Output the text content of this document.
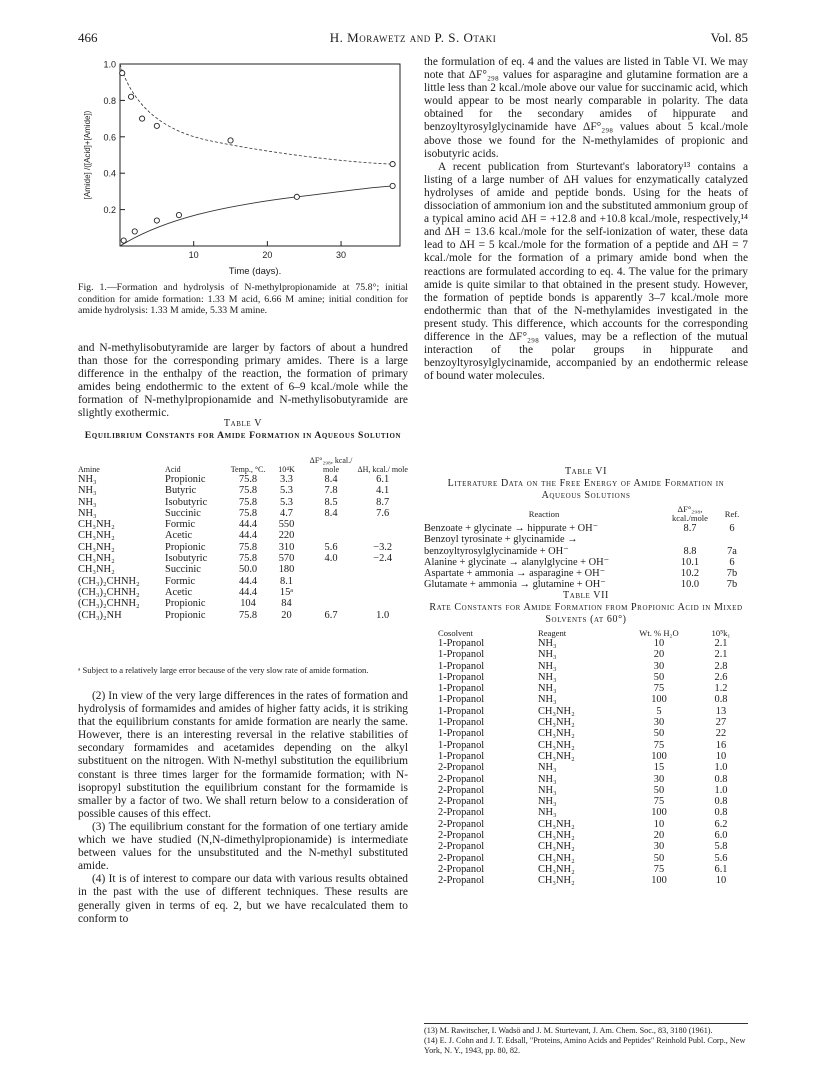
466	H. Morawetz and P. S. Otaki	Vol. 85
0.2
0.4
0.6
0.8
1.0
10	20	30
[Amide] /([Acid]+[Amide])
Time (days).
Fig. 1.—Formation and hydrolysis of N-methylpropionamide at 75.8°; initial condition for amide formation: 1.33 M acid, 6.66 M amine; initial condition for amide hydrolysis: 1.33 M amide, 5.33 M amine.

and N-methylisobutyramide are larger by factors of about a hundred than those for the corresponding primary amides. There is a large difference in the enthalpy of the reaction, the formation of primary amides being endothermic to the extent of 6–9 kcal./mole while the formation of N-methylpropionamide and N-methylisobutyramide are slightly exothermic.

Table V
Equilibrium Constants for Amide Formation in Aqueous Solution
Amine	Acid	Temp., °C.	10⁴K	ΔF°₂₉₈, kcal./ mole	ΔH, kcal./ mole
NH₃	Propionic	75.8	3.3	8.4	6.1
NH₃	Butyric	75.8	5.3	7.8	4.1
NH₃	Isobutyric	75.8	5.3	8.5	8.7
NH₃	Succinic	75.8	4.7	8.4	7.6
CH₃NH₂	Formic	44.4	550		
CH₃NH₂	Acetic	44.4	220		
CH₃NH₂	Propionic	75.8	310	5.6	−3.2
CH₃NH₂	Isobutyric	75.8	570	4.0	−2.4
CH₃NH₂	Succinic	50.0	180		
(CH₃)₂CHNH₂	Formic	44.4	8.1		
(CH₃)₂CHNH₂	Acetic	44.4	15ᵃ		
(CH₃)₂CHNH₂	Propionic	104	84		
(CH₃)₂NH	Propionic	75.8	20	6.7	1.0
ᵃ Subject to a relatively large error because of the very slow rate of amide formation.

(2) In view of the very large differences in the rates of formation and hydrolysis of formamides and amides of higher fatty acids, it is striking that the equilibrium constants for amide formation are nearly the same. However, there is an interesting reversal in the relative stabilities of secondary formamides and acetamides depending on the alkyl substituent on the nitrogen. With N-methyl substitution the equilibrium constant is three times larger for the formamide formation; with N-isopropyl substitution the equilibrium constant for the formamide is smaller by a factor of two. We shall return below to a consideration of possible causes of this effect.

(3) The equilibrium constant for the formation of one tertiary amide which we have studied (N,N-dimethylpropionamide) is intermediate between values for the unsubstituted and the N-methyl substituted amide.

(4) It is of interest to compare our data with various results obtained in the past with the use of different techniques. These results are generally given in terms of eq. 2, but we have recalculated them to conform to

the formulation of eq. 4 and the values are listed in Table VI. We may note that ΔF°₂₉₈ values for asparagine and glutamine formation are a little less than 2 kcal./mole above our value for succinamic acid, which would appear to be most nearly comparable in polarity. The data obtained for the secondary amides of hippurate and benzoyltyrosylglycinamide have ΔF°₂₉₈ values about 5 kcal./mole above those we found for the N-methylamides of propionic and isobutyric acids.

A recent publication from Sturtevant's laboratory¹³ contains a listing of a large number of ΔH values for enzymatically catalyzed hydrolyses of amide and peptide bonds. Using for the heats of dissociation of ammonium ion and the substituted ammonium group of a typical amino acid ΔH = +12.8 and +10.8 kcal./mole, respectively,¹⁴ and ΔH = 13.6 kcal./mole for the self-ionization of water, these data lead to ΔH = 5 kcal./mole for the formation of a peptide and ΔH = 7 kcal./mole for the formation of a primary amide bond when the reactions are formulated according to eq. 4. The value for the primary amide is quite similar to that obtained in the present study. However, the formation of peptide bonds is apparently 3–7 kcal./mole more endothermic than that of the N-methylamides investigated in the present study. This difference, which accounts for the corresponding difference in the ΔF°₂₉₈ values, may be a reflection of the mutual interaction of the polar groups in hippurate and benzoyltyrosylglycinamide, accompanied by an endothermic release of bound water molecules.

Table VI
Literature Data on the Free Energy of Amide Formation in Aqueous Solutions
Reaction	ΔF°₂₉₈, kcal./mole	Ref.
Benzoate + glycinate → hippurate + OH⁻	8.7	6
Benzoyl tyrosinate + glycinamide →		
benzoyltyrosylglycinamide + OH⁻	8.8	7a
Alanine + glycinate → alanylglycine + OH⁻	10.1	6
Aspartate + ammonia → asparagine + OH⁻	10.2	7b
Glutamate + ammonia → glutamine + OH⁻	10.0	7b
Table VII
Rate Constants for Amide Formation from Propionic Acid in Mixed Solvents (at 60°)
Cosolvent	Reagent	Wt. % H₂O	10⁵k₁
1-Propanol	NH₃	10	2.1
1-Propanol	NH₃	20	2.1
1-Propanol	NH₃	30	2.8
1-Propanol	NH₃	50	2.6
1-Propanol	NH₃	75	1.2
1-Propanol	NH₃	100	0.8
1-Propanol	CH₃NH₂	5	13
1-Propanol	CH₃NH₂	30	27
1-Propanol	CH₃NH₂	50	22
1-Propanol	CH₃NH₂	75	16
1-Propanol	CH₃NH₂	100	10
2-Propanol	NH₃	15	1.0
2-Propanol	NH₃	30	0.8
2-Propanol	NH₃	50	1.0
2-Propanol	NH₃	75	0.8
2-Propanol	NH₃	100	0.8
2-Propanol	CH₃NH₂	10	6.2
2-Propanol	CH₃NH₂	20	6.0
2-Propanol	CH₃NH₂	30	5.8
2-Propanol	CH₃NH₂	50	5.6
2-Propanol	CH₃NH₂	75	6.1
2-Propanol	CH₃NH₂	100	10
(13) M. Rawitscher, I. Wadsö and J. M. Sturtevant, J. Am. Chem. Soc., 83, 3180 (1961).
(14) E. J. Cohn and J. T. Edsall, "Proteins, Amino Acids and Peptides" Reinhold Publ. Corp., New York, N. Y., 1943, pp. 80, 82.
